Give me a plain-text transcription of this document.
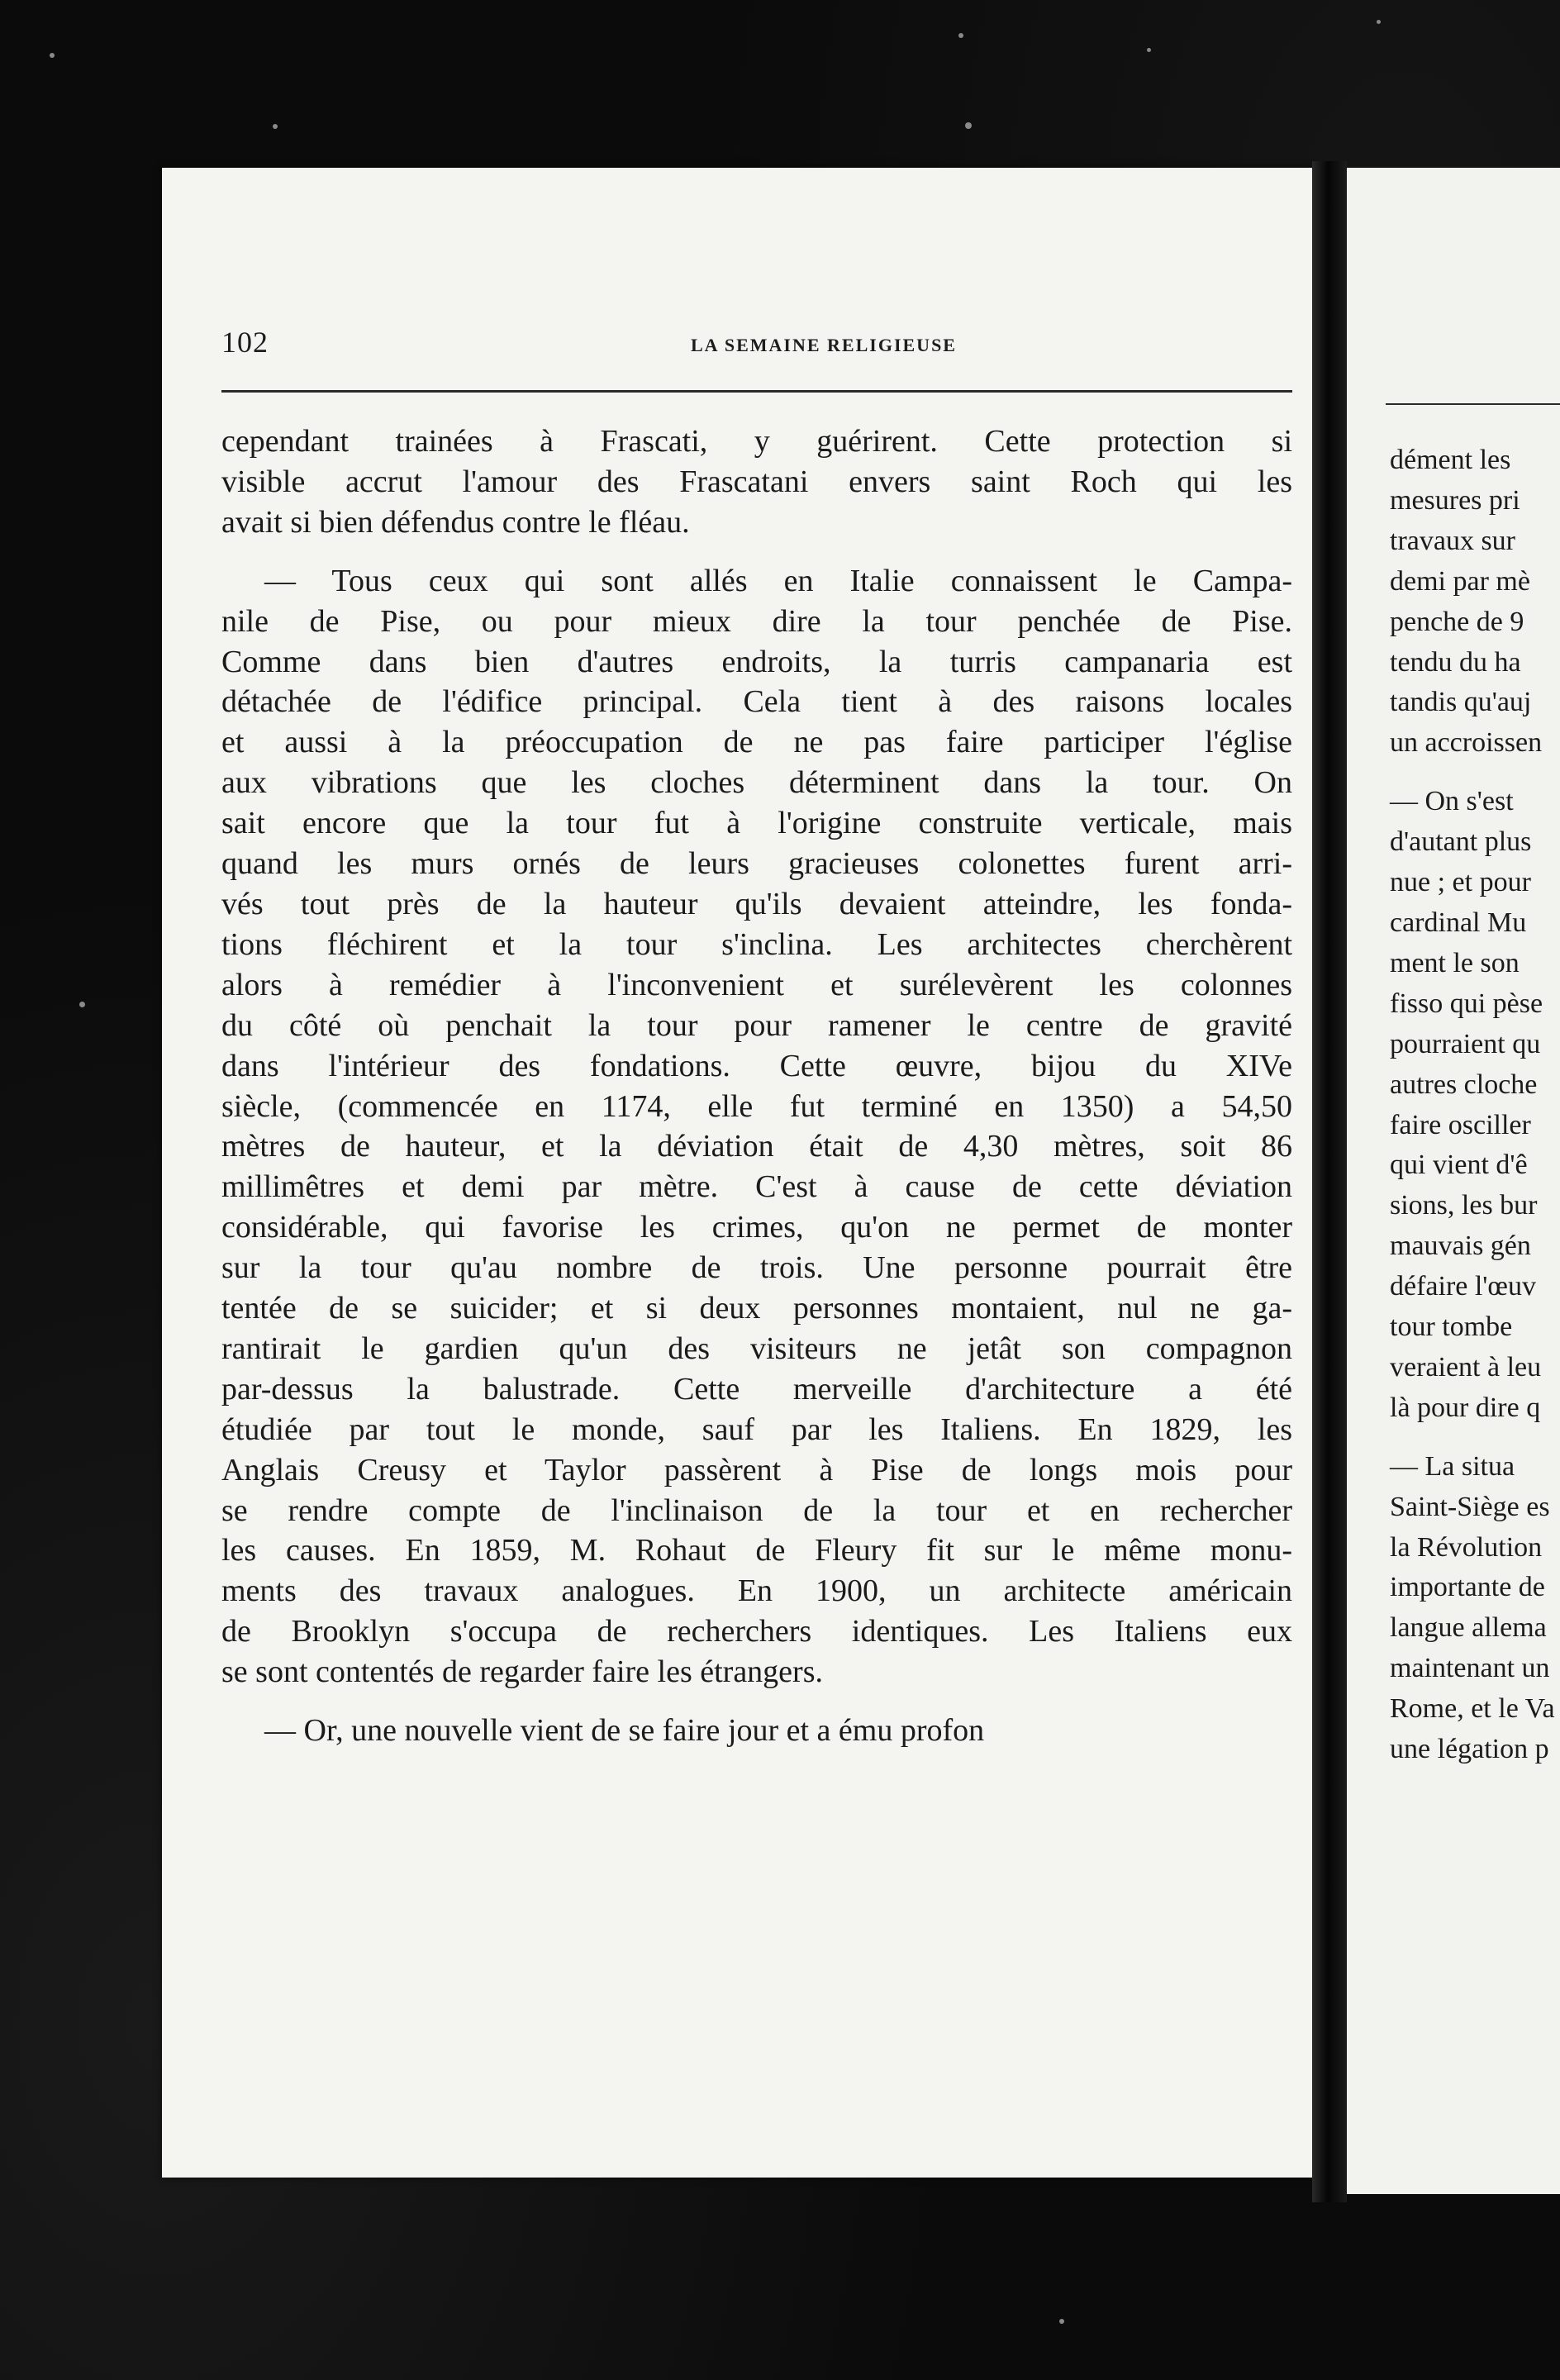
102	LA SEMAINE RELIGIEUSE

cependant trainées à Frascati, y guérirent. Cette protection si
visible accrut l'amour des Frascatani envers saint Roch qui les
avait si bien défendus contre le fléau.

— Tous ceux qui sont allés en Italie connaissent le Campa-
nile de Pise, ou pour mieux dire la tour penchée de Pise.
Comme dans bien d'autres endroits, la turris campanaria est
détachée de l'édifice principal. Cela tient à des raisons locales
et aussi à la préoccupation de ne pas faire participer l'église
aux vibrations que les cloches déterminent dans la tour. On
sait encore que la tour fut à l'origine construite verticale, mais
quand les murs ornés de leurs gracieuses colonettes furent arri-
vés tout près de la hauteur qu'ils devaient atteindre, les fonda-
tions fléchirent et la tour s'inclina. Les architectes cherchèrent
alors à remédier à l'inconvenient et surélevèrent les colonnes
du côté où penchait la tour pour ramener le centre de gravité
dans l'intérieur des fondations. Cette œuvre, bijou du XIVe
siècle, (commencée en 1174, elle fut terminé en 1350) a 54,50
mètres de hauteur, et la déviation était de 4,30 mètres, soit 86
millimêtres et demi par mètre. C'est à cause de cette déviation
considérable, qui favorise les crimes, qu'on ne permet de monter
sur la tour qu'au nombre de trois. Une personne pourrait être
tentée de se suicider; et si deux personnes montaient, nul ne ga-
rantirait le gardien qu'un des visiteurs ne jetât son compagnon
par-dessus la balustrade. Cette merveille d'architecture a été
étudiée par tout le monde, sauf par les Italiens. En 1829, les
Anglais Creusy et Taylor passèrent à Pise de longs mois pour
se rendre compte de l'inclinaison de la tour et en rechercher
les causes. En 1859, M. Rohaut de Fleury fit sur le même monu-
ments des travaux analogues. En 1900, un architecte américain
de Brooklyn s'occupa de recherchers identiques. Les Italiens eux
se sont contentés de regarder faire les étrangers.

— Or, une nouvelle vient de se faire jour et a ému profon

dément les
mesures pri
travaux sur
demi par mè
penche de 9
tendu du ha
tandis qu'auj
un accroissen

— On s'est
d'autant plus
nue ; et pour
cardinal Mu
ment le son
fisso qui pèse
pourraient qu
autres cloche
faire osciller
qui vient d'ê
sions, les bur
mauvais gén
défaire l'œuv
tour tombe
veraient à leu
là pour dire q

— La situa
Saint-Siège es
la Révolution
importante de
langue allema
maintenant un
Rome, et le Va
une légation p
